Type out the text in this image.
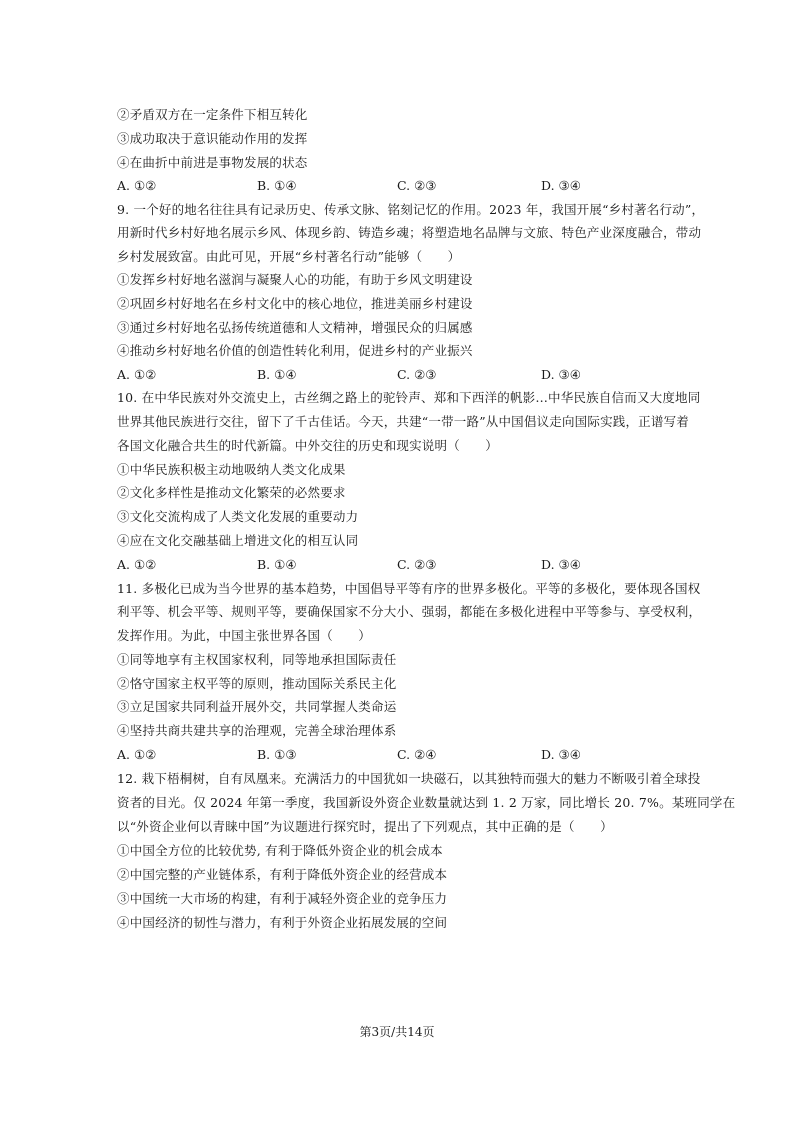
②矛盾双方在一定条件下相互转化
③成功取决于意识能动作用的发挥
④在曲折中前进是事物发展的状态
A. ①②	B. ①④	C. ②③	D. ③④
9. 一个好的地名往往具有记录历史、传承文脉、铭刻记忆的作用。2023 年，我国开展“乡村著名行动”，
用新时代乡村好地名展示乡风、体现乡韵、铸造乡魂；将塑造地名品牌与文旅、特色产业深度融合，带动
乡村发展致富。由此可见，开展“乡村著名行动”能够（　　）
①发挥乡村好地名滋润与凝聚人心的功能，有助于乡风文明建设
②巩固乡村好地名在乡村文化中的核心地位，推进美丽乡村建设
③通过乡村好地名弘扬传统道德和人文精神，增强民众的归属感
④推动乡村好地名价值的创造性转化利用，促进乡村的产业振兴
A. ①②	B. ①④	C. ②③	D. ③④
10. 在中华民族对外交流史上，古丝绸之路上的驼铃声、郑和下西洋的帆影…中华民族自信而又大度地同
世界其他民族进行交往，留下了千古佳话。今天，共建“一带一路”从中国倡议走向国际实践，正谱写着
各国文化融合共生的时代新篇。中外交往的历史和现实说明（　　）
①中华民族积极主动地吸纳人类文化成果
②文化多样性是推动文化繁荣的必然要求
③文化交流构成了人类文化发展的重要动力
④应在文化交融基础上增进文化的相互认同
A. ①②	B. ①④	C. ②③	D. ③④
11. 多极化已成为当今世界的基本趋势，中国倡导平等有序的世界多极化。平等的多极化，要体现各国权
利平等、机会平等、规则平等，要确保国家不分大小、强弱，都能在多极化进程中平等参与、享受权利，
发挥作用。为此，中国主张世界各国（　　）
①同等地享有主权国家权利，同等地承担国际责任
②恪守国家主权平等的原则，推动国际关系民主化
③立足国家共同利益开展外交，共同掌握人类命运
④坚持共商共建共享的治理观，完善全球治理体系
A. ①②	B. ①③	C. ②④	D. ③④
12. 栽下梧桐树，自有凤凰来。充满活力的中国犹如一块磁石，以其独特而强大的魅力不断吸引着全球投
资者的目光。仅 2024 年第一季度，我国新设外资企业数量就达到 1. 2 万家，同比增长 20. 7%。某班同学在
以“外资企业何以青睐中国”为议题进行探究时，提出了下列观点，其中正确的是（　　）
①中国全方位的比较优势, 有利于降低外资企业的机会成本
②中国完整的产业链体系，有利于降低外资企业的经营成本
③中国统一大市场的构建，有利于减轻外资企业的竞争压力
④中国经济的韧性与潜力，有利于外资企业拓展发展的空间
第3页/共14页
